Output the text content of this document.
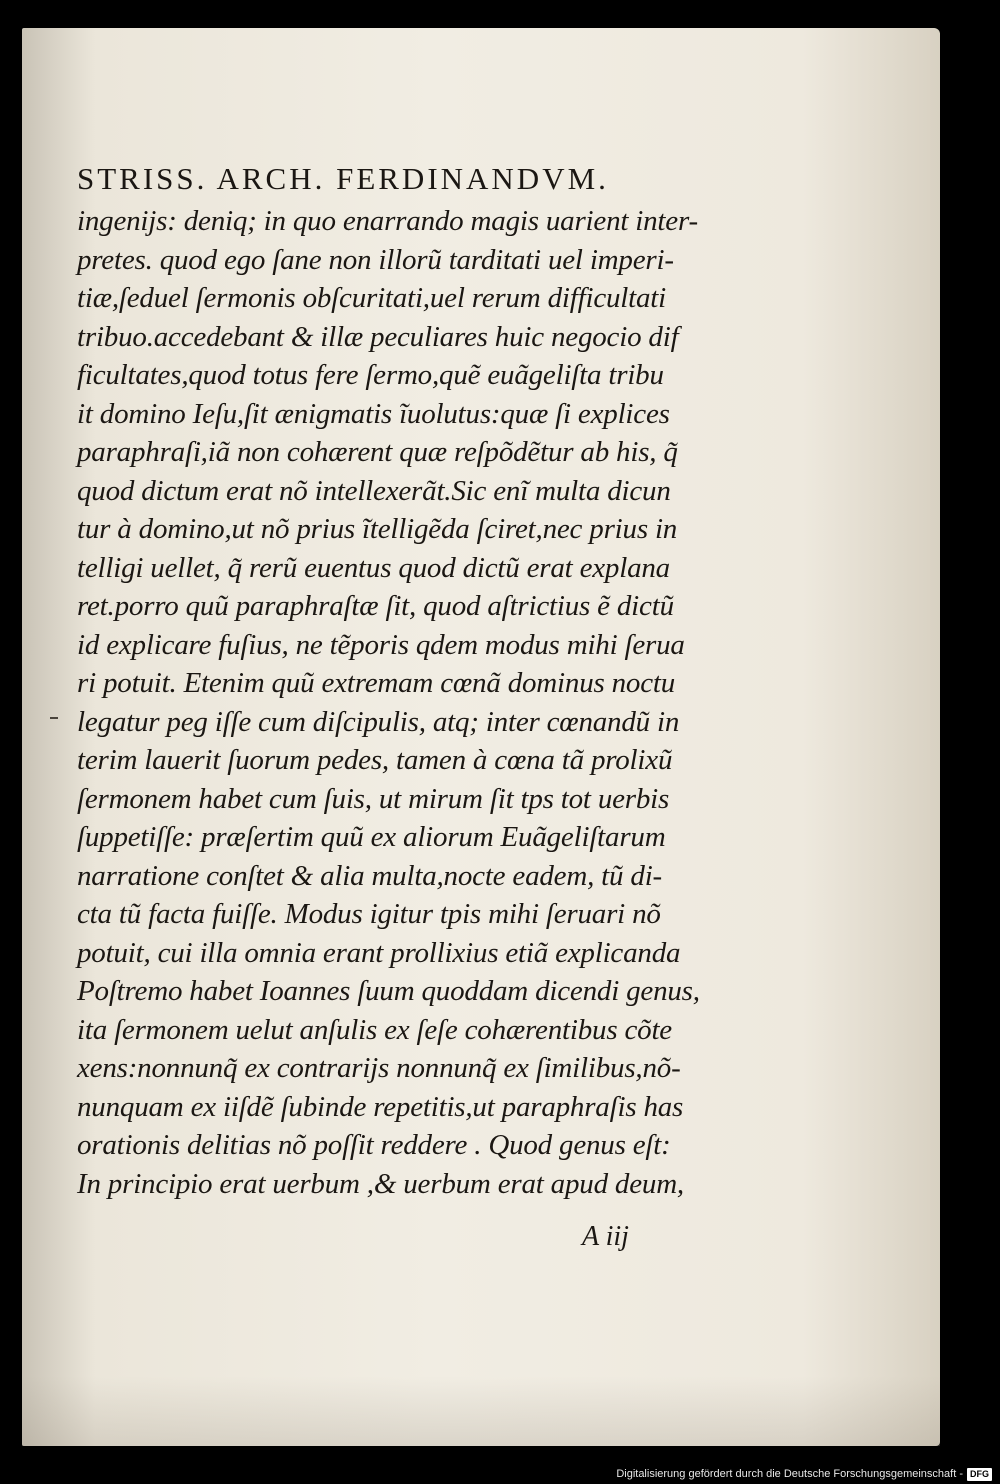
STRISS. ARCH. FERDINANDVM.
ingenijs: deniq; in quo enarrando magis uarient inter-
pretes. quod ego ſane non illorũ tarditati uel imperi-
tiæ,ſeduel ſermonis obſcuritati,uel rerum difficultati
tribuo.accedebant & illæ peculiares huic negocio dif
ficultates,quod totus fere ſermo,quẽ euãgeliſta tribu
it domino Ieſu,ſit ænigmatis ĩuolutus:quæ ſi explices
paraphraſi,iã non cohærent quæ reſpõdẽtur ab his, q̃
quod dictum erat nõ intellexerãt.Sic enĩ multa dicun
tur à domino,ut nõ prius ĩtelligẽda ſciret,nec prius in
telligi uellet, q̃ rerũ euentus quod dictũ erat explana
ret.porro quũ paraphraſtæ ſit, quod aſtrictius ẽ dictũ
id explicare fuſius, ne tẽporis qdem modus mihi ſerua
ri potuit. Etenim quũ extremam cœnã dominus noctu
legatur peg iſſe cum diſcipulis, atq; inter cœnandũ in
terim lauerit ſuorum pedes, tamen à cœna tã prolixũ
ſermonem habet cum ſuis, ut mirum ſit tps tot uerbis
ſuppetiſſe: præſertim quũ ex aliorum Euãgeliſtarum
narratione conſtet & alia multa,nocte eadem, tũ di-
cta tũ facta fuiſſe. Modus igitur tpis mihi ſeruari nõ
potuit, cui illa omnia erant prollixius etiã explicanda
Poſtremo habet Ioannes ſuum quoddam dicendi genus,
ita ſermonem uelut anſulis ex ſeſe cohærentibus cõte
xens:nonnunq̃ ex contrarijs nonnunq̃ ex ſimilibus,nõ-
nunquam ex iiſdẽ ſubinde repetitis,ut paraphraſis has
orationis delitias nõ poſſit reddere . Quod genus eſt:
In principio erat uerbum ,& uerbum erat apud deum,
A iij
Digitalisierung gefördert durch die Deutsche Forschungsgemeinschaft - DFG
